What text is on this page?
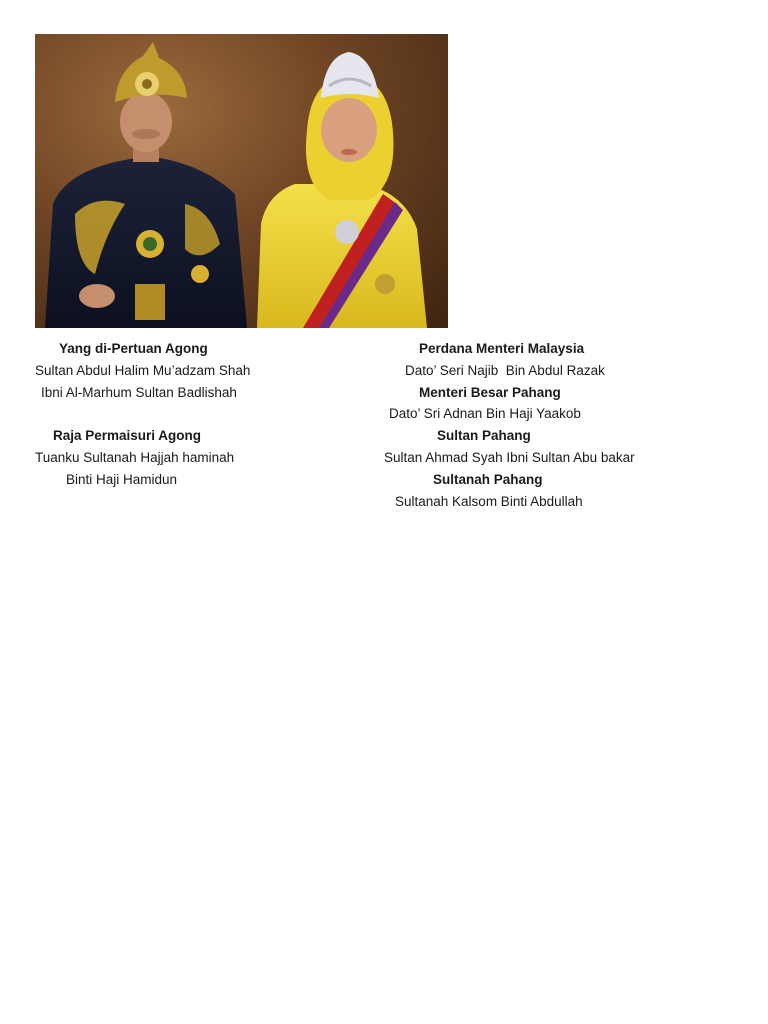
Yang di-Pertuan Agong
Sultan Abdul Halim Mu’adzam Shah
Ibni Al-Marhum Sultan Badlishah
Raja Permaisuri Agong
Tuanku Sultanah Hajjah haminah
Binti Haji Hamidun
Perdana Menteri Malaysia
Dato’ Seri Najib  Bin Abdul Razak
Menteri Besar Pahang
Dato’ Sri Adnan Bin Haji Yaakob
Sultan Pahang
Sultan Ahmad Syah Ibni Sultan Abu bakar
Sultanah Pahang
Sultanah Kalsom Binti Abdullah
